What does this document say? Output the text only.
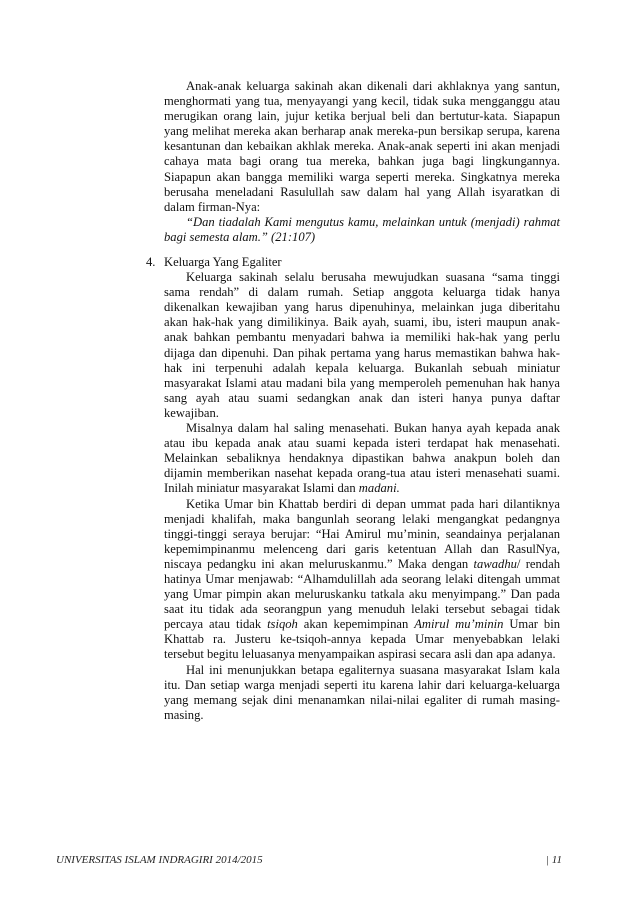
Anak-anak keluarga sakinah akan dikenali dari akhlaknya yang santun, menghormati yang tua, menyayangi yang kecil, tidak suka mengganggu atau merugikan orang lain, jujur ketika berjual beli dan bertutur-kata. Siapapun yang melihat mereka akan berharap anak mereka-pun bersikap serupa, karena kesantunan dan kebaikan akhlak mereka. Anak-anak seperti ini akan menjadi cahaya mata bagi orang tua mereka, bahkan juga bagi lingkungannya. Siapapun akan bangga memiliki warga seperti mereka. Singkatnya mereka berusaha meneladani Rasulullah saw dalam hal yang Allah isyaratkan di dalam firman-Nya:

“Dan tiadalah Kami mengutus kamu, melainkan untuk (menjadi) rahmat bagi semesta alam.” (21:107)

4. Keluarga Yang Egaliter

Keluarga sakinah selalu berusaha mewujudkan suasana “sama tinggi sama rendah” di dalam rumah. Setiap anggota keluarga tidak hanya dikenalkan kewajiban yang harus dipenuhinya, melainkan juga diberitahu akan hak-hak yang dimilikinya. Baik ayah, suami, ibu, isteri maupun anak-anak bahkan pembantu menyadari bahwa ia memiliki hak-hak yang perlu dijaga dan dipenuhi. Dan pihak pertama yang harus memastikan bahwa hak-hak ini terpenuhi adalah kepala keluarga. Bukanlah sebuah miniatur masyarakat Islami atau madani bila yang memperoleh pemenuhan hak hanya sang ayah atau suami sedangkan anak dan isteri hanya punya daftar kewajiban.

Misalnya dalam hal saling menasehati. Bukan hanya ayah kepada anak atau ibu kepada anak atau suami kepada isteri terdapat hak menasehati. Melainkan sebaliknya hendaknya dipastikan bahwa anakpun boleh dan dijamin memberikan nasehat kepada orang-tua atau isteri menasehati suami. Inilah miniatur masyarakat Islami dan madani.

Ketika Umar bin Khattab berdiri di depan ummat pada hari dilantiknya menjadi khalifah, maka bangunlah seorang lelaki mengangkat pedangnya tinggi-tinggi seraya berujar: “Hai Amirul mu’minin, seandainya perjalanan kepemimpinanmu melenceng dari garis ketentuan Allah dan RasulNya, niscaya pedangku ini akan meluruskanmu.” Maka dengan tawadhu/ rendah hatinya Umar menjawab: “Alhamdulillah ada seorang lelaki ditengah ummat yang Umar pimpin akan meluruskanku tatkala aku menyimpang.” Dan pada saat itu tidak ada seorangpun yang menuduh lelaki tersebut sebagai tidak percaya atau tidak tsiqoh akan kepemimpinan Amirul mu’minin Umar bin Khattab ra. Justeru ke-tsiqoh-annya kepada Umar menyebabkan lelaki tersebut begitu leluasanya menyampaikan aspirasi secara asli dan apa adanya.

Hal ini menunjukkan betapa egaliternya suasana masyarakat Islam kala itu. Dan setiap warga menjadi seperti itu karena lahir dari keluarga-keluarga yang memang sejak dini menanamkan nilai-nilai egaliter di rumah masing-masing.

UNIVERSITAS ISLAM INDRAGIRI 2014/2015	| 11
